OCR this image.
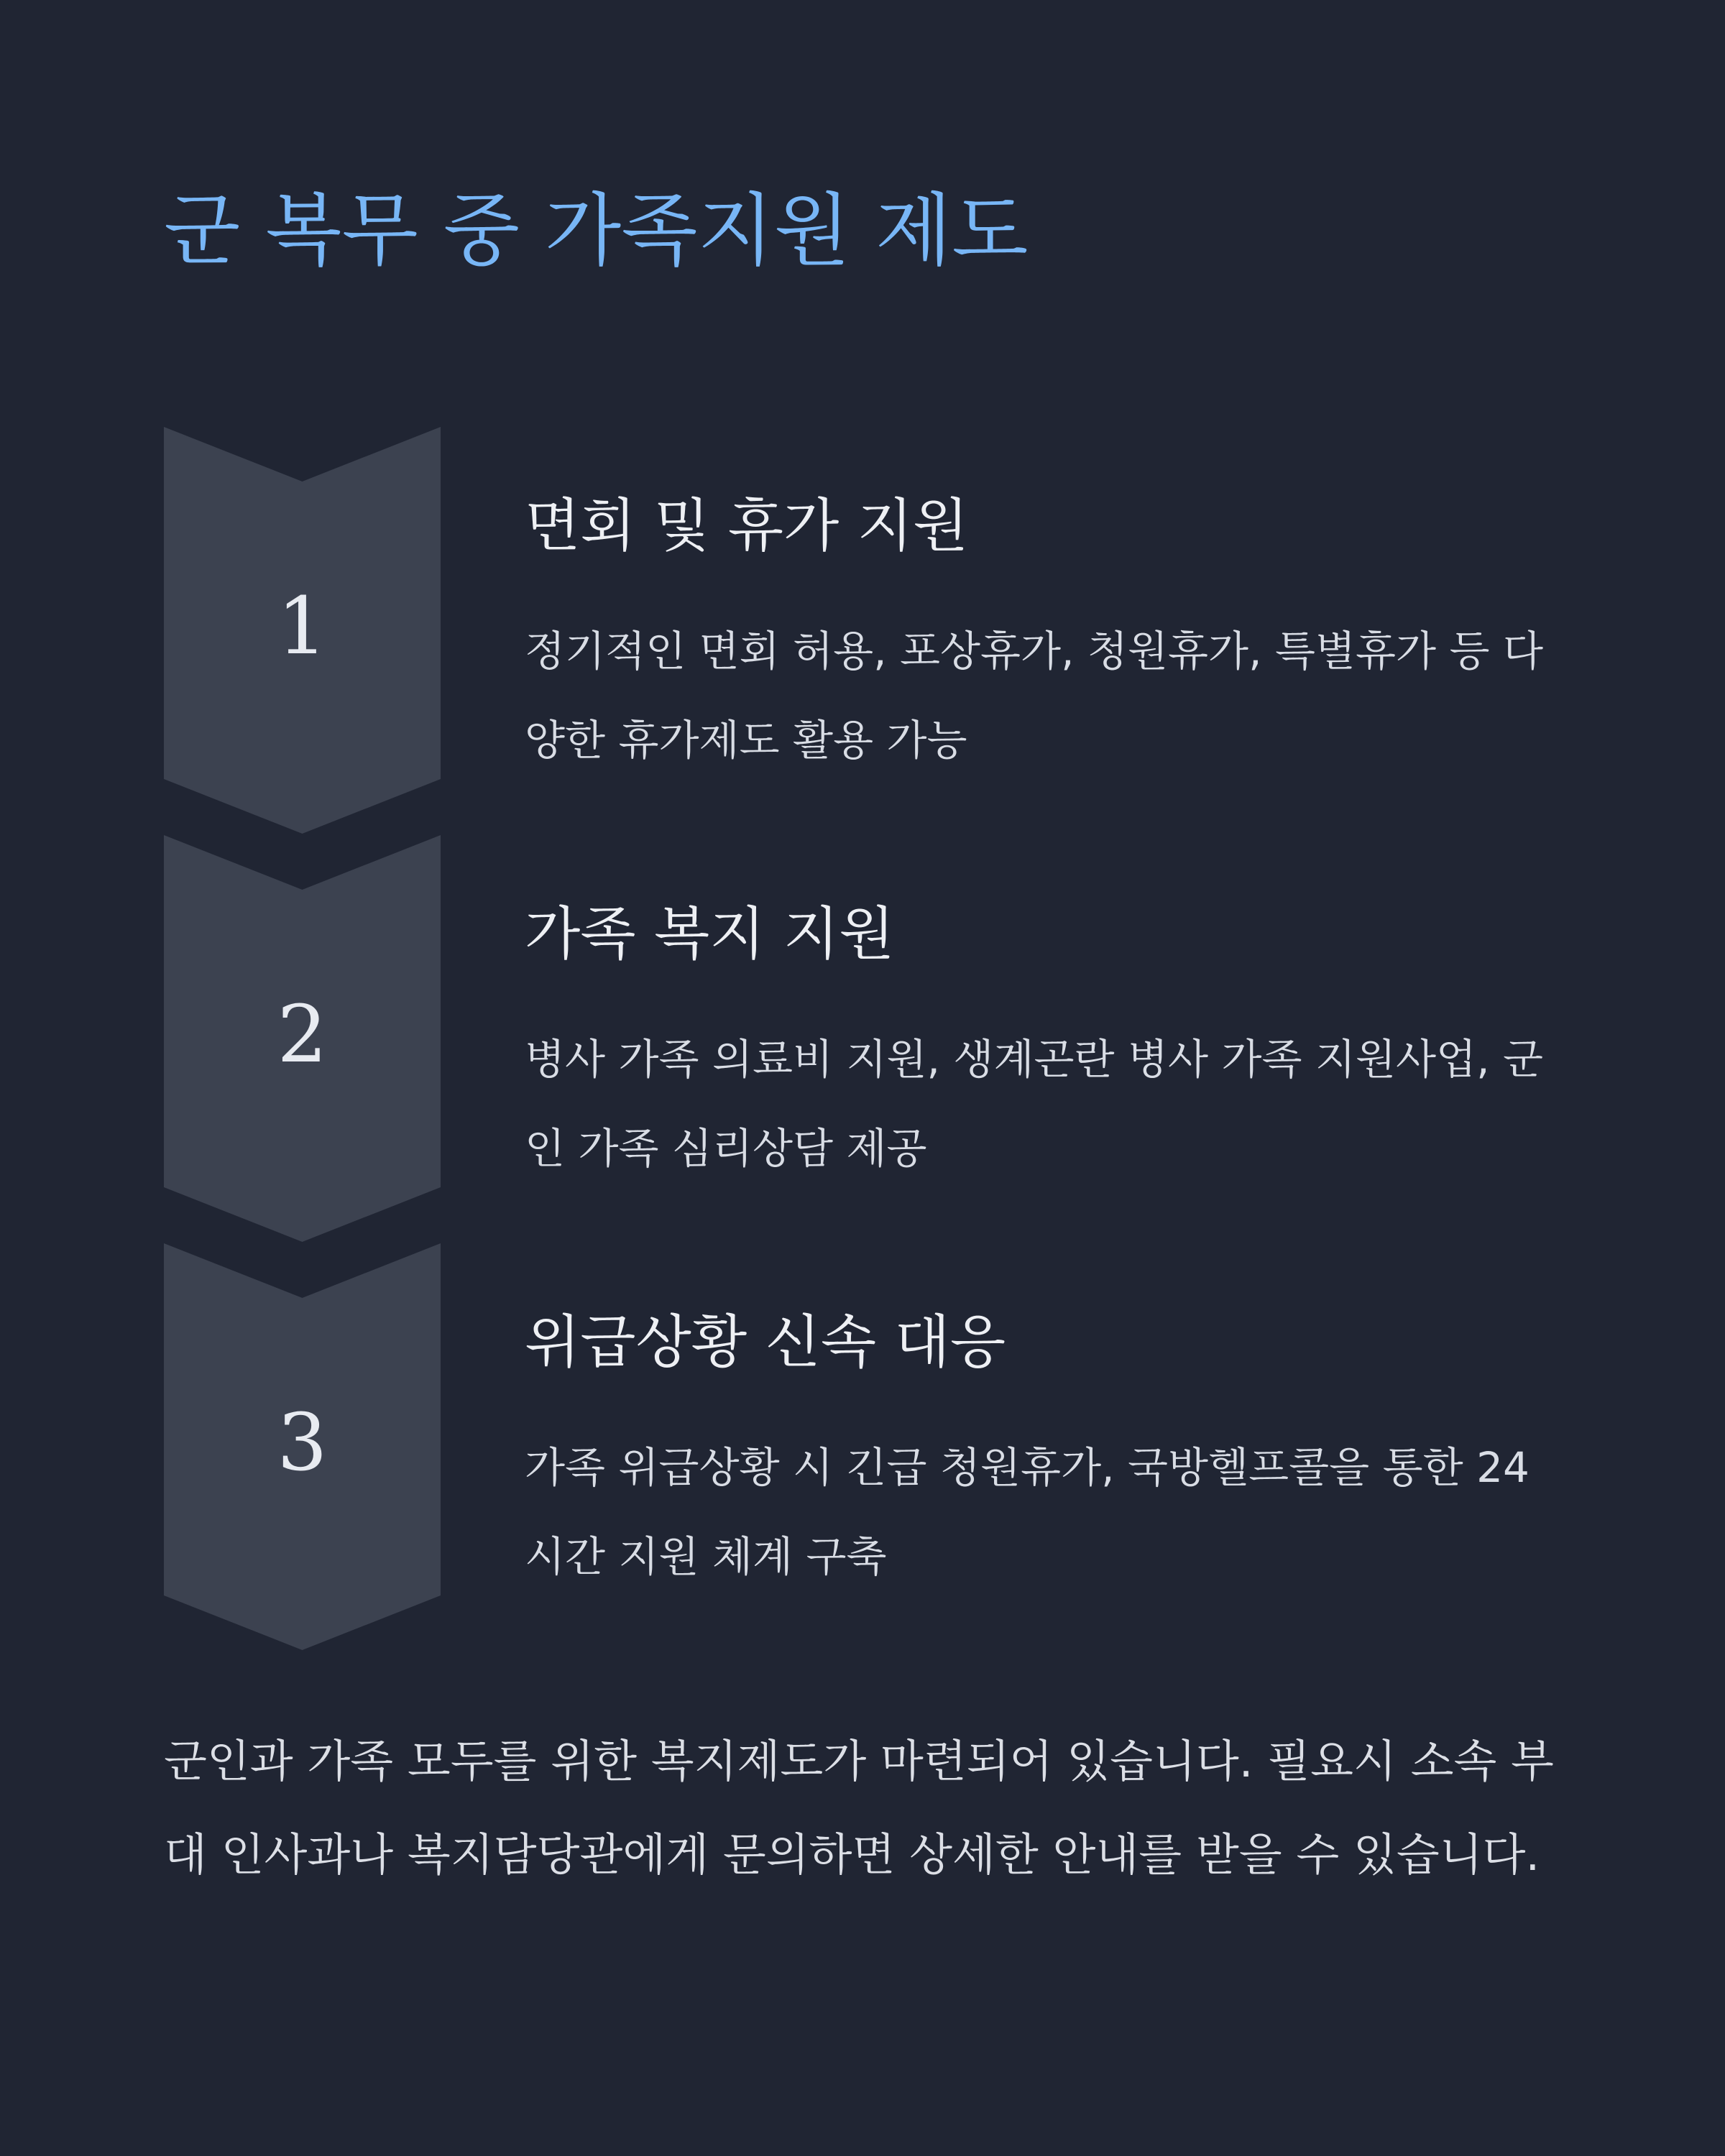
군 복무 중 가족지원 제도
1
면회 및 휴가 지원

정기적인 면회 허용, 포상휴가, 청원휴가, 특별휴가 등 다양한 휴가제도 활용 가능

2
가족 복지 지원

병사 가족 의료비 지원, 생계곤란 병사 가족 지원사업, 군인 가족 심리상담 제공

3
위급상황 신속 대응

가족 위급상황 시 긴급 청원휴가, 국방헬프콜을 통한 24시간 지원 체계 구축

군인과 가족 모두를 위한 복지제도가 마련되어 있습니다. 필요시 소속 부대 인사과나 복지담당관에게 문의하면 상세한 안내를 받을 수 있습니다.
